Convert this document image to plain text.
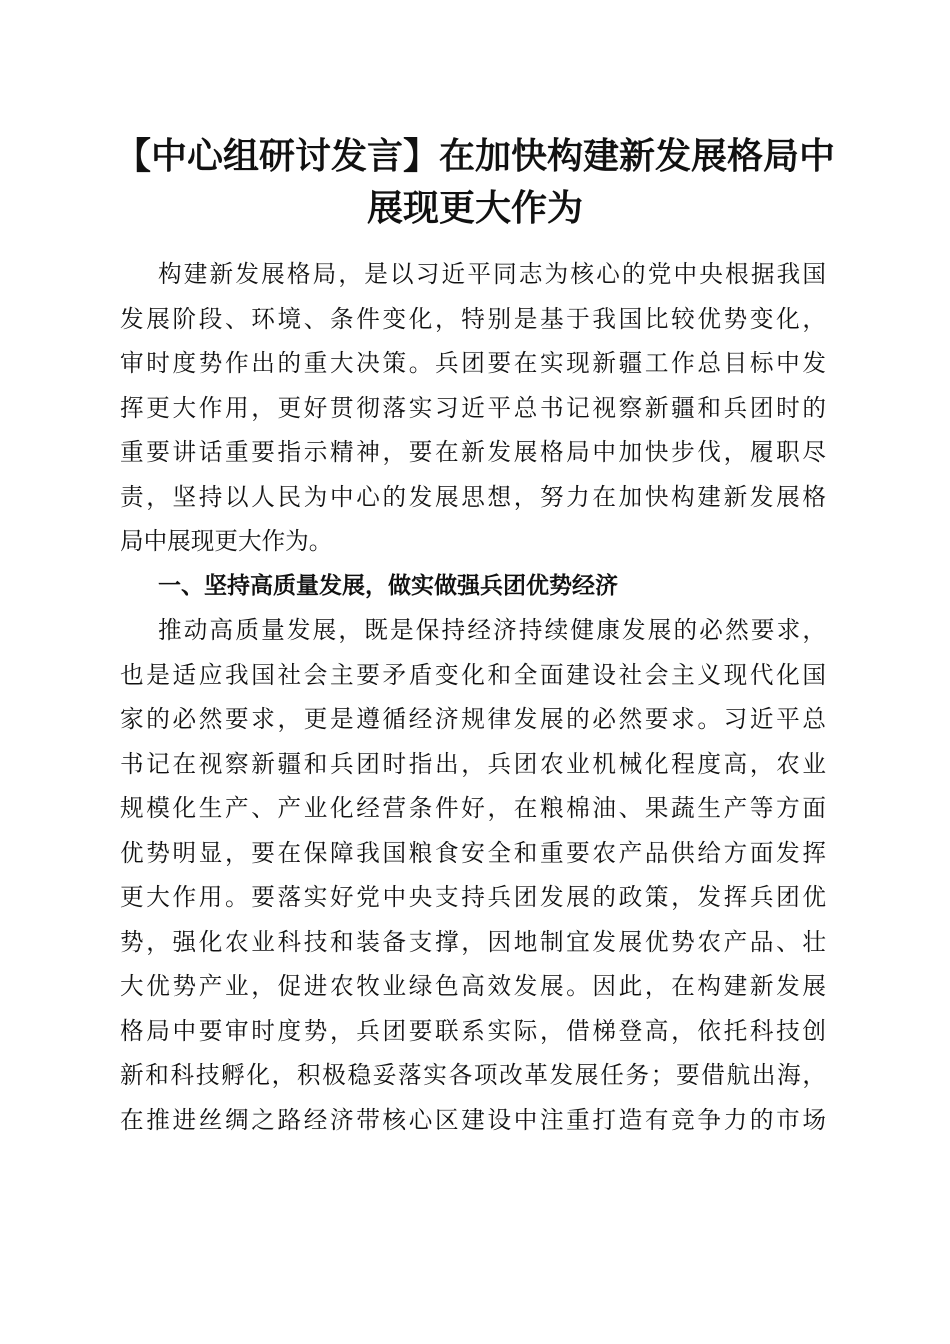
【中心组研讨发言】在加快构建新发展格局中
展现更大作为
构建新发展格局，是以习近平同志为核心的党中央根据我国
发展阶段、环境、条件变化，特别是基于我国比较优势变化，
审时度势作出的重大决策。兵团要在实现新疆工作总目标中发
挥更大作用，更好贯彻落实习近平总书记视察新疆和兵团时的
重要讲话重要指示精神，要在新发展格局中加快步伐，履职尽
责，坚持以人民为中心的发展思想，努力在加快构建新发展格
局中展现更大作为。
一、坚持高质量发展，做实做强兵团优势经济
推动高质量发展，既是保持经济持续健康发展的必然要求，
也是适应我国社会主要矛盾变化和全面建设社会主义现代化国
家的必然要求，更是遵循经济规律发展的必然要求。习近平总
书记在视察新疆和兵团时指出，兵团农业机械化程度高，农业
规模化生产、产业化经营条件好，在粮棉油、果蔬生产等方面
优势明显，要在保障我国粮食安全和重要农产品供给方面发挥
更大作用。要落实好党中央支持兵团发展的政策，发挥兵团优
势，强化农业科技和装备支撑，因地制宜发展优势农产品、壮
大优势产业，促进农牧业绿色高效发展。因此，在构建新发展
格局中要审时度势，兵团要联系实际，借梯登高，依托科技创
新和科技孵化，积极稳妥落实各项改革发展任务；要借航出海，
在推进丝绸之路经济带核心区建设中注重打造有竞争力的市场
